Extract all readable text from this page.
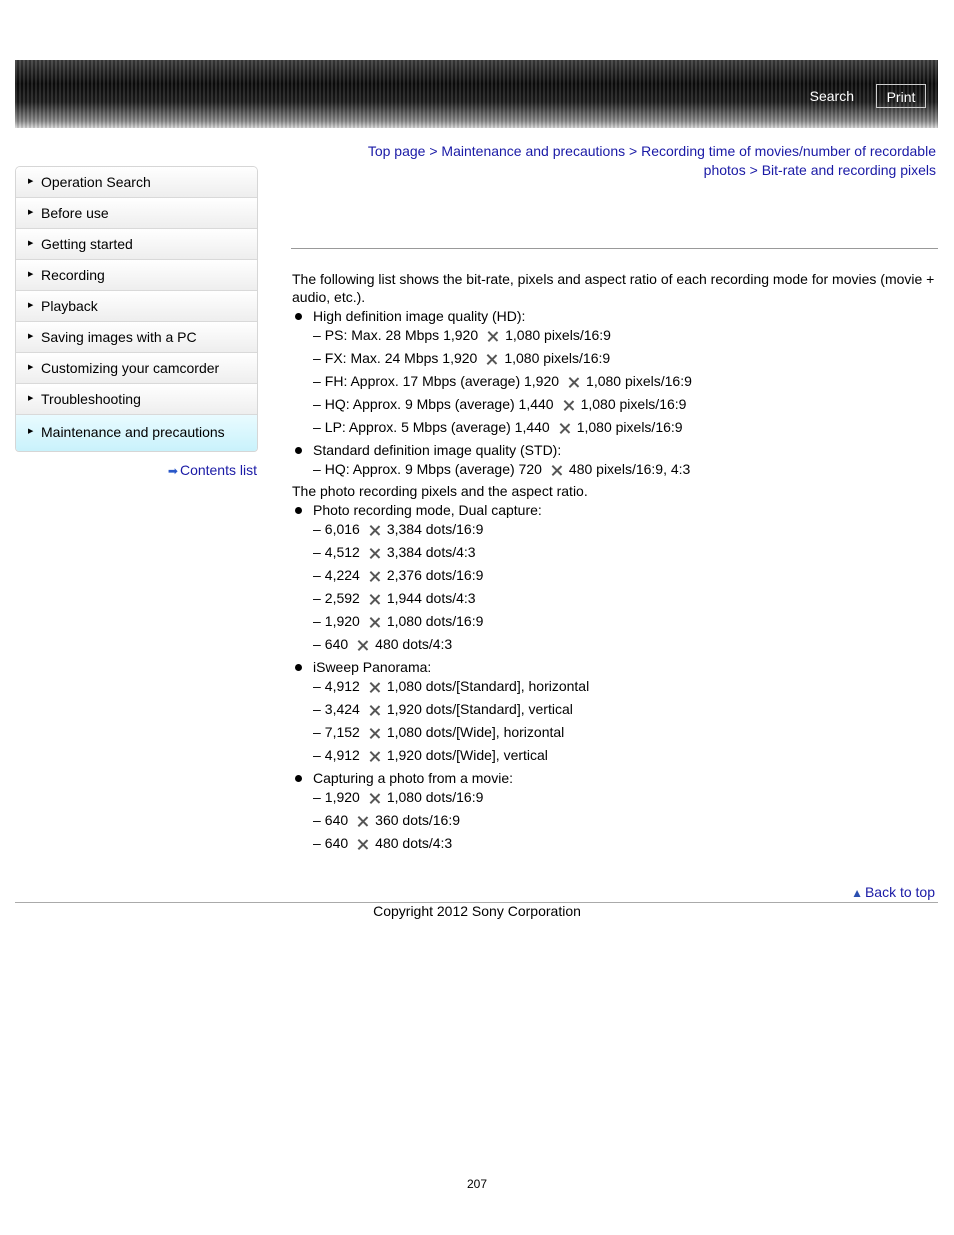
Search	Print
Top page > Maintenance and precautions > Recording time of movies/number of recordable photos > Bit-rate and recording pixels
▶ Operation Search
▶ Before use
▶ Getting started
▶ Recording
▶ Playback
▶ Saving images with a PC
▶ Customizing your camcorder
▶ Troubleshooting
▶ Maintenance and precautions
➡ Contents list

The following list shows the bit-rate, pixels and aspect ratio of each recording mode for movies (movie + audio, etc.).

High definition image quality (HD):
– PS: Max. 28 Mbps 1,920 1,080 pixels/16:9
– FX: Max. 24 Mbps 1,920 1,080 pixels/16:9
– FH: Approx. 17 Mbps (average) 1,920 1,080 pixels/16:9
– HQ: Approx. 9 Mbps (average) 1,440 1,080 pixels/16:9
– LP: Approx. 5 Mbps (average) 1,440 1,080 pixels/16:9
Standard definition image quality (STD):
– HQ: Approx. 9 Mbps (average) 720 480 pixels/16:9, 4:3

The photo recording pixels and the aspect ratio.

Photo recording mode, Dual capture:
– 6,016 3,384 dots/16:9
– 4,512 3,384 dots/4:3
– 4,224 2,376 dots/16:9
– 2,592 1,944 dots/4:3
– 1,920 1,080 dots/16:9
– 640 480 dots/4:3
iSweep Panorama:
– 4,912 1,080 dots/[Standard], horizontal
– 3,424 1,920 dots/[Standard], vertical
– 7,152 1,080 dots/[Wide], horizontal
– 4,912 1,920 dots/[Wide], vertical
Capturing a photo from a movie:
– 1,920 1,080 dots/16:9
– 640 360 dots/16:9
– 640 480 dots/4:3
▲ Back to top
Copyright 2012 Sony Corporation
207
